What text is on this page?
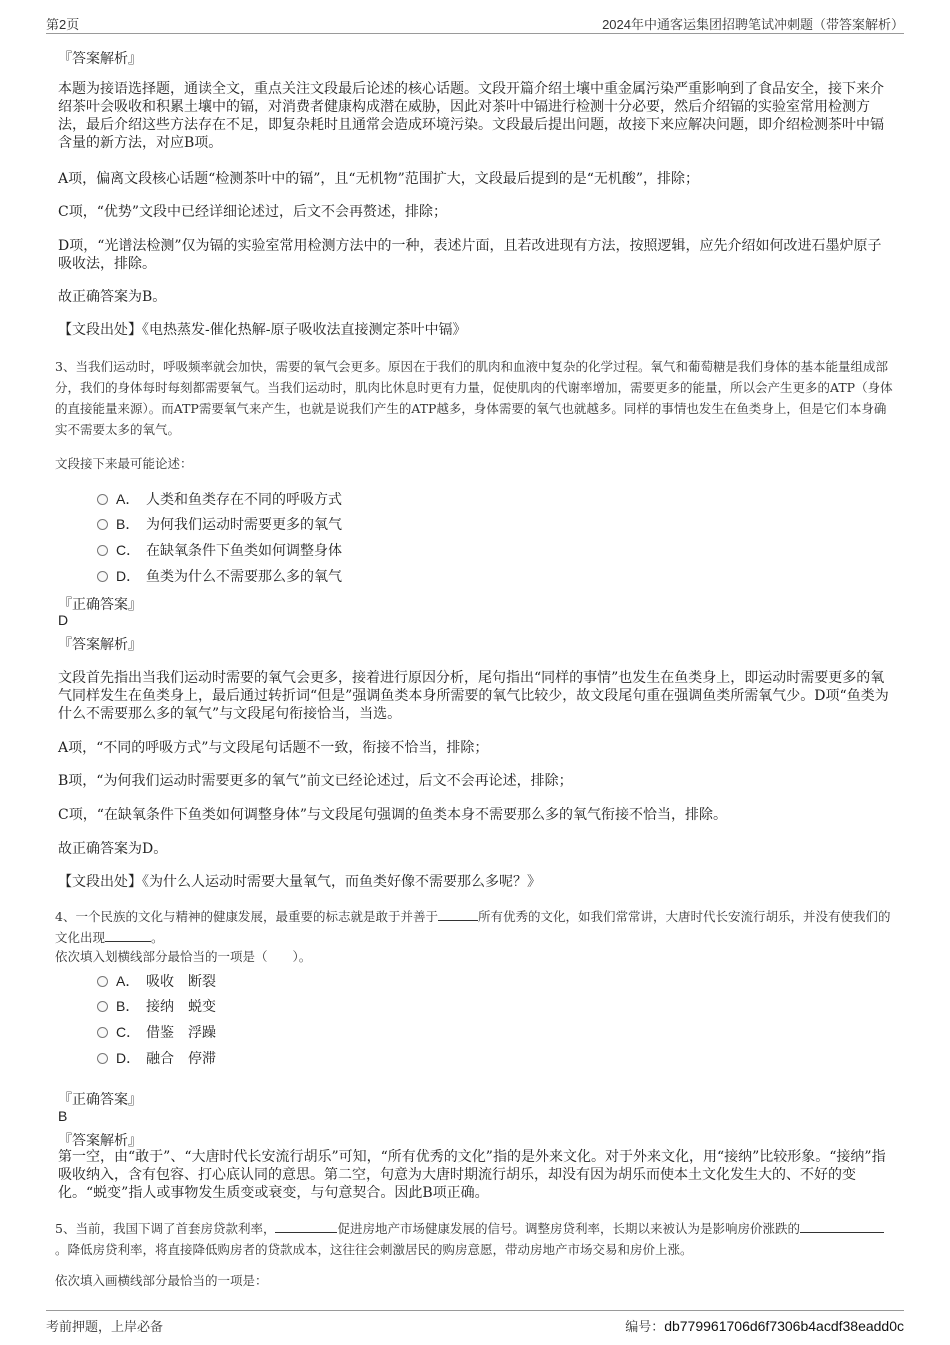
第2页	2024年中通客运集团招聘笔试冲刺题（带答案解析）
『答案解析』
本题为接语选择题，通读全文，重点关注文段最后论述的核心话题。文段开篇介绍土壤中重金属污染严重影响到了食品安全，接下来介绍茶叶会吸收和积累土壤中的镉，对消费者健康构成潜在威胁，因此对茶叶中镉进行检测十分必要，然后介绍镉的实验室常用检测方法，最后介绍这些方法存在不足，即复杂耗时且通常会造成环境污染。文段最后提出问题，故接下来应解决问题，即介绍检测茶叶中镉含量的新方法，对应B项。
A项，偏离文段核心话题“检测茶叶中的镉”，且“无机物”范围扩大，文段最后提到的是“无机酸”，排除；
C项，“优势”文段中已经详细论述过，后文不会再赘述，排除；
D项，“光谱法检测”仅为镉的实验室常用检测方法中的一种，表述片面，且若改进现有方法，按照逻辑，应先介绍如何改进石墨炉原子吸收法，排除。
故正确答案为B。
【文段出处】《电热蒸发-催化热解-原子吸收法直接测定茶叶中镉》
3、当我们运动时，呼吸频率就会加快，需要的氧气会更多。原因在于我们的肌肉和血液中复杂的化学过程。氧气和葡萄糖是我们身体的基本能量组成部分，我们的身体每时每刻都需要氧气。当我们运动时，肌肉比休息时更有力量，促使肌肉的代谢率增加，需要更多的能量，所以会产生更多的ATP（身体的直接能量来源）。而ATP需要氧气来产生，也就是说我们产生的ATP越多，身体需要的氧气也就越多。同样的事情也发生在鱼类身上，但是它们本身确实不需要太多的氧气。
文段接下来最可能论述：
A． 人类和鱼类存在不同的呼吸方式
B． 为何我们运动时需要更多的氧气
C． 在缺氧条件下鱼类如何调整身体
D． 鱼类为什么不需要那么多的氧气
『正确答案』
D
『答案解析』
文段首先指出当我们运动时需要的氧气会更多，接着进行原因分析，尾句指出“同样的事情”也发生在鱼类身上，即运动时需要更多的氧气同样发生在鱼类身上，最后通过转折词“但是”强调鱼类本身所需要的氧气比较少，故文段尾句重在强调鱼类所需氧气少。D项“鱼类为什么不需要那么多的氧气”与文段尾句衔接恰当，当选。
A项，“不同的呼吸方式”与文段尾句话题不一致，衔接不恰当，排除；
B项，“为何我们运动时需要更多的氧气”前文已经论述过，后文不会再论述，排除；
C项，“在缺氧条件下鱼类如何调整身体”与文段尾句强调的鱼类本身不需要那么多的氧气衔接不恰当，排除。
故正确答案为D。
【文段出处】《为什么人运动时需要大量氧气，而鱼类好像不需要那么多呢？》
4、一个民族的文化与精神的健康发展，最重要的标志就是敢于并善于	所有优秀的文化，如我们常常讲，大唐时代长安流行胡乐，并没有使我们的文化出现	。
依次填入划横线部分最恰当的一项是（　　）。
A． 吸收　断裂
B． 接纳　蜕变
C． 借鉴　浮躁
D． 融合　停滞
『正确答案』
B
『答案解析』
第一空，由“敢于”、“大唐时代长安流行胡乐”可知，“所有优秀的文化”指的是外来文化。对于外来文化，用“接纳”比较形象。“接纳”指吸收纳入，含有包容、打心底认同的意思。第二空，句意为大唐时期流行胡乐，却没有因为胡乐而使本土文化发生大的、不好的变化。“蜕变”指人或事物发生质变或衰变，与句意契合。因此B项正确。
5、当前，我国下调了首套房贷款利率，	促进房地产市场健康发展的信号。调整房贷利率，长期以来被认为是影响房价涨跌的。降低房贷利率，将直接降低购房者的贷款成本，这往往会刺激居民的购房意愿，带动房地产市场交易和房价上涨。
依次填入画横线部分最恰当的一项是：
考前押题，上岸必备	编号：db779961706d6f7306b4acdf38eadd0c
